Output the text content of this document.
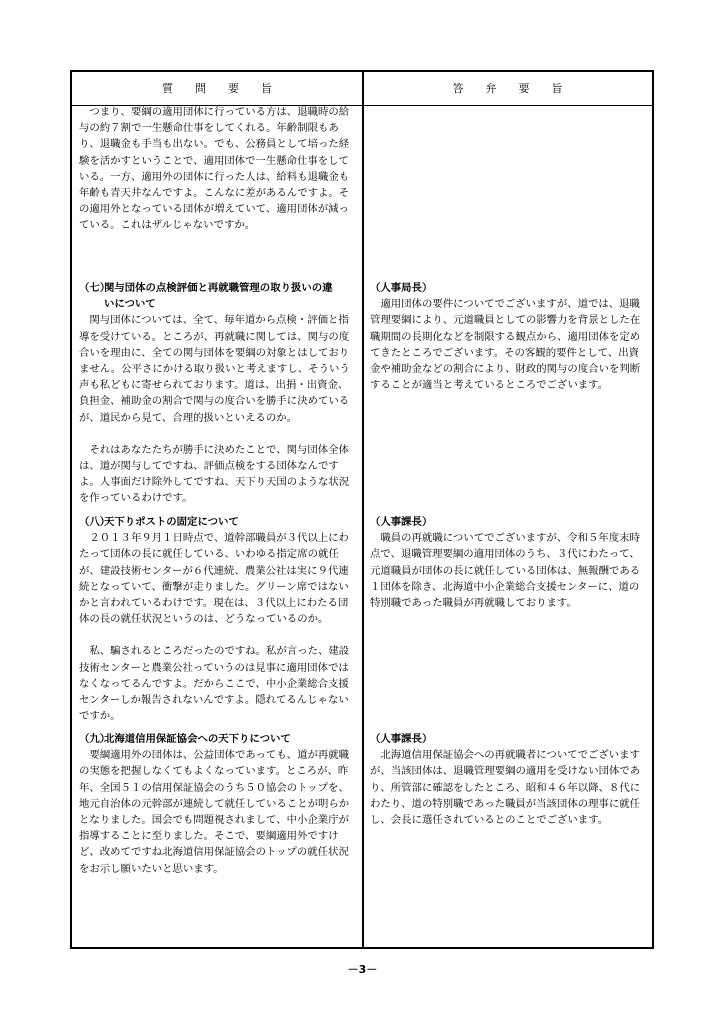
質　　問　　要　　旨	答　　弁　　要　　旨

つまり、要綱の適用団体に行っている方は、退職時の給与の約７割で一生懸命仕事をしてくれる。年齢制限もあり、退職金も手当も出ない。でも、公務員として培った経験を活かすということで、適用団体で一生懸命仕事をしている。一方、適用外の団体に行った人は、給料も退職金も年齢も青天井なんですよ。こんなに差があるんですよ。その適用外となっている団体が増えていて、適用団体が減っている。これはザルじゃないですか。

（七）関与団体の点検評価と再就職管理の取り扱いの違
いについて

関与団体については、全て、毎年道から点検・評価と指導を受けている。ところが、再就職に関しては、関与の度合いを理由に、全ての関与団体を要綱の対象とはしておりません。公平さにかける取り扱いと考えますし、そういう声も私どもに寄せられております。道は、出捐・出資金、負担金、補助金の割合で関与の度合いを勝手に決めているが、道民から見て、合理的扱いといえるのか。

それはあなたたちが勝手に決めたことで、関与団体全体は、道が関与してですね、評価点検をする団体なんですよ。人事面だけ除外してですね、天下り天国のような状況を作っているわけです。

（八）天下りポストの固定について

２０１３年９月１日時点で、道幹部職員が３代以上にわたって団体の長に就任している、いわゆる指定席の就任が、建設技術センターが６代連続、農業公社は実に９代連続となっていて、衝撃が走りました。グリーン席ではないかと言われているわけです。現在は、３代以上にわたる団体の長の就任状況というのは、どうなっているのか。

私、騙されるところだったのですね。私が言った、建設技術センターと農業公社っていうのは見事に適用団体ではなくなってるんですよ。だからここで、中小企業総合支援センターしか報告されないんですよ。隠れてるんじゃないですか。

（九）北海道信用保証協会への天下りについて

要綱適用外の団体は、公益団体であっても、道が再就職の実態を把握しなくてもよくなっています。ところが、昨年、全国５１の信用保証協会のうち５０協会のトップを、地元自治体の元幹部が連続して就任していることが明らかとなりました。国会でも問題視されまして、中小企業庁が指導することに至りました。そこで、要綱適用外ですけど、改めてですね北海道信用保証協会のトップの就任状況をお示し願いたいと思います。

（人事局長）

適用団体の要件についてでございますが、道では、退職管理要綱により、元道職員としての影響力を背景とした在職期間の長期化などを制限する観点から、適用団体を定めてきたところでございます。その客観的要件として、出資金や補助金などの割合により、財政的関与の度合いを判断することが適当と考えているところでございます。

（人事課長）

職員の再就職についてでございますが、令和５年度末時点で、退職管理要綱の適用団体のうち、３代にわたって、元道職員が団体の長に就任している団体は、無報酬である１団体を除き、北海道中小企業総合支援センターに、道の特別職であった職員が再就職しております。

（人事課長）

北海道信用保証協会への再就職者についてでございますが、当該団体は、退職管理要綱の適用を受けない団体であり、所管部に確認をしたところ、昭和４６年以降、８代にわたり、道の特別職であった職員が当該団体の理事に就任し、会長に選任されているとのことでございます。

－3－
